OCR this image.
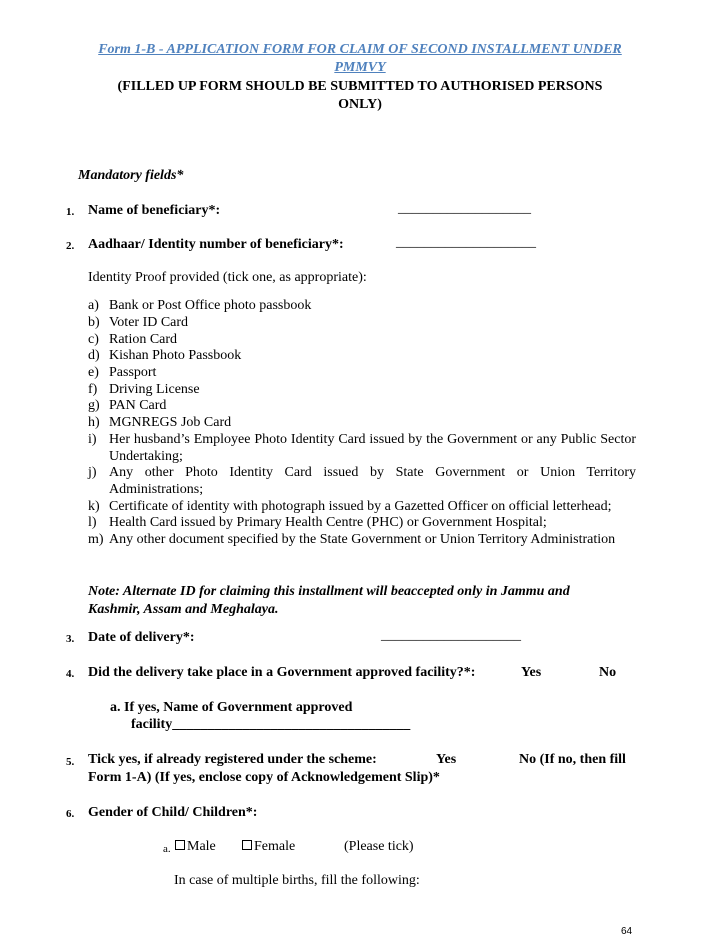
Form 1-B - APPLICATION FORM FOR CLAIM OF SECOND INSTALLMENT UNDER
PMMVY
(FILLED UP FORM SHOULD BE SUBMITTED TO AUTHORISED PERSONS
ONLY)
Mandatory fields*
1. Name of beneficiary*:	___________________
2. Aadhaar/ Identity number of beneficiary*:	____________________
Identity Proof provided (tick one, as appropriate):
a) Bank or Post Office photo passbook
b) Voter ID Card
c) Ration Card
d) Kishan Photo Passbook
e) Passport
f) Driving License
g) PAN Card
h) MGNREGS Job Card
i) Her husband’s Employee Photo Identity Card issued by the Government or any Public Sector Undertaking;
j) Any other Photo Identity Card issued by State Government or Union Territory Administrations;
k) Certificate of identity with photograph issued by a Gazetted Officer on official letterhead;
l) Health Card issued by Primary Health Centre (PHC) or Government Hospital;
m) Any other document specified by the State Government or Union Territory Administration
Note: Alternate ID for claiming this installment will beaccepted only in Jammu and
Kashmir, Assam and Meghalaya.
3. Date of delivery*:	____________________
4. Did the delivery take place in a Government approved facility?*:	Yes	No
a. If yes, Name of Government approved
facility__________________________________
5. Tick yes, if already registered under the scheme:	Yes	No (If no, then fill
Form 1-A) (If yes, enclose copy of Acknowledgement Slip)*
6. Gender of Child/ Children*:
a.	Male	Female	(Please tick)
In case of multiple births, fill the following:
64
